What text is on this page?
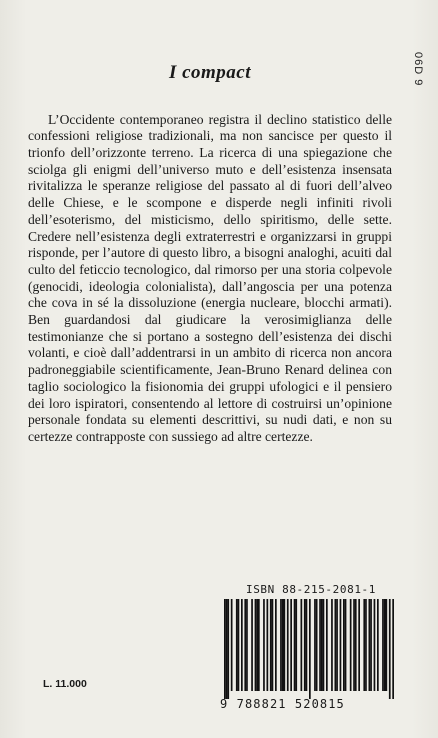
I compact	06D 9

L’Occidente contemporaneo registra il declino statistico delle confessioni religiose tradizionali, ma non sancisce per questo il trionfo dell’orizzonte terreno. La ricerca di una spiegazione che sciolga gli enigmi dell’universo muto e dell’esistenza insensata rivitalizza le speranze religiose del passato al di fuori dell’alveo delle Chiese, e le scompone e disperde negli infiniti rivoli dell’esoterismo, del misticismo, dello spiritismo, delle sette. Credere nell’esistenza degli extraterrestri e organizzarsi in gruppi risponde, per l’autore di questo libro, a bisogni analoghi, acuiti dal culto del feticcio tecnologico, dal rimorso per una storia colpevole (genocidi, ideologia colonialista), dall’angoscia per una potenza che cova in sé la dissoluzione (energia nucleare, blocchi armati). Ben guardandosi dal giudicare la verosimiglianza delle testimonianze che si portano a sostegno dell’esistenza dei dischi volanti, e cioè dall’addentrarsi in un ambito di ricerca non ancora padroneggiabile scientificamente, Jean-Bruno Renard delinea con taglio sociologico la fisionomia dei gruppi ufologici e il pensiero dei loro ispiratori, consentendo al lettore di costruirsi un’opinione personale fondata su elementi descrittivi, su nudi dati, e non su certezze contrapposte con sussiego ad altre certezze.

L. 11.000
ISBN 88-215-2081-1
9 788821 520815
